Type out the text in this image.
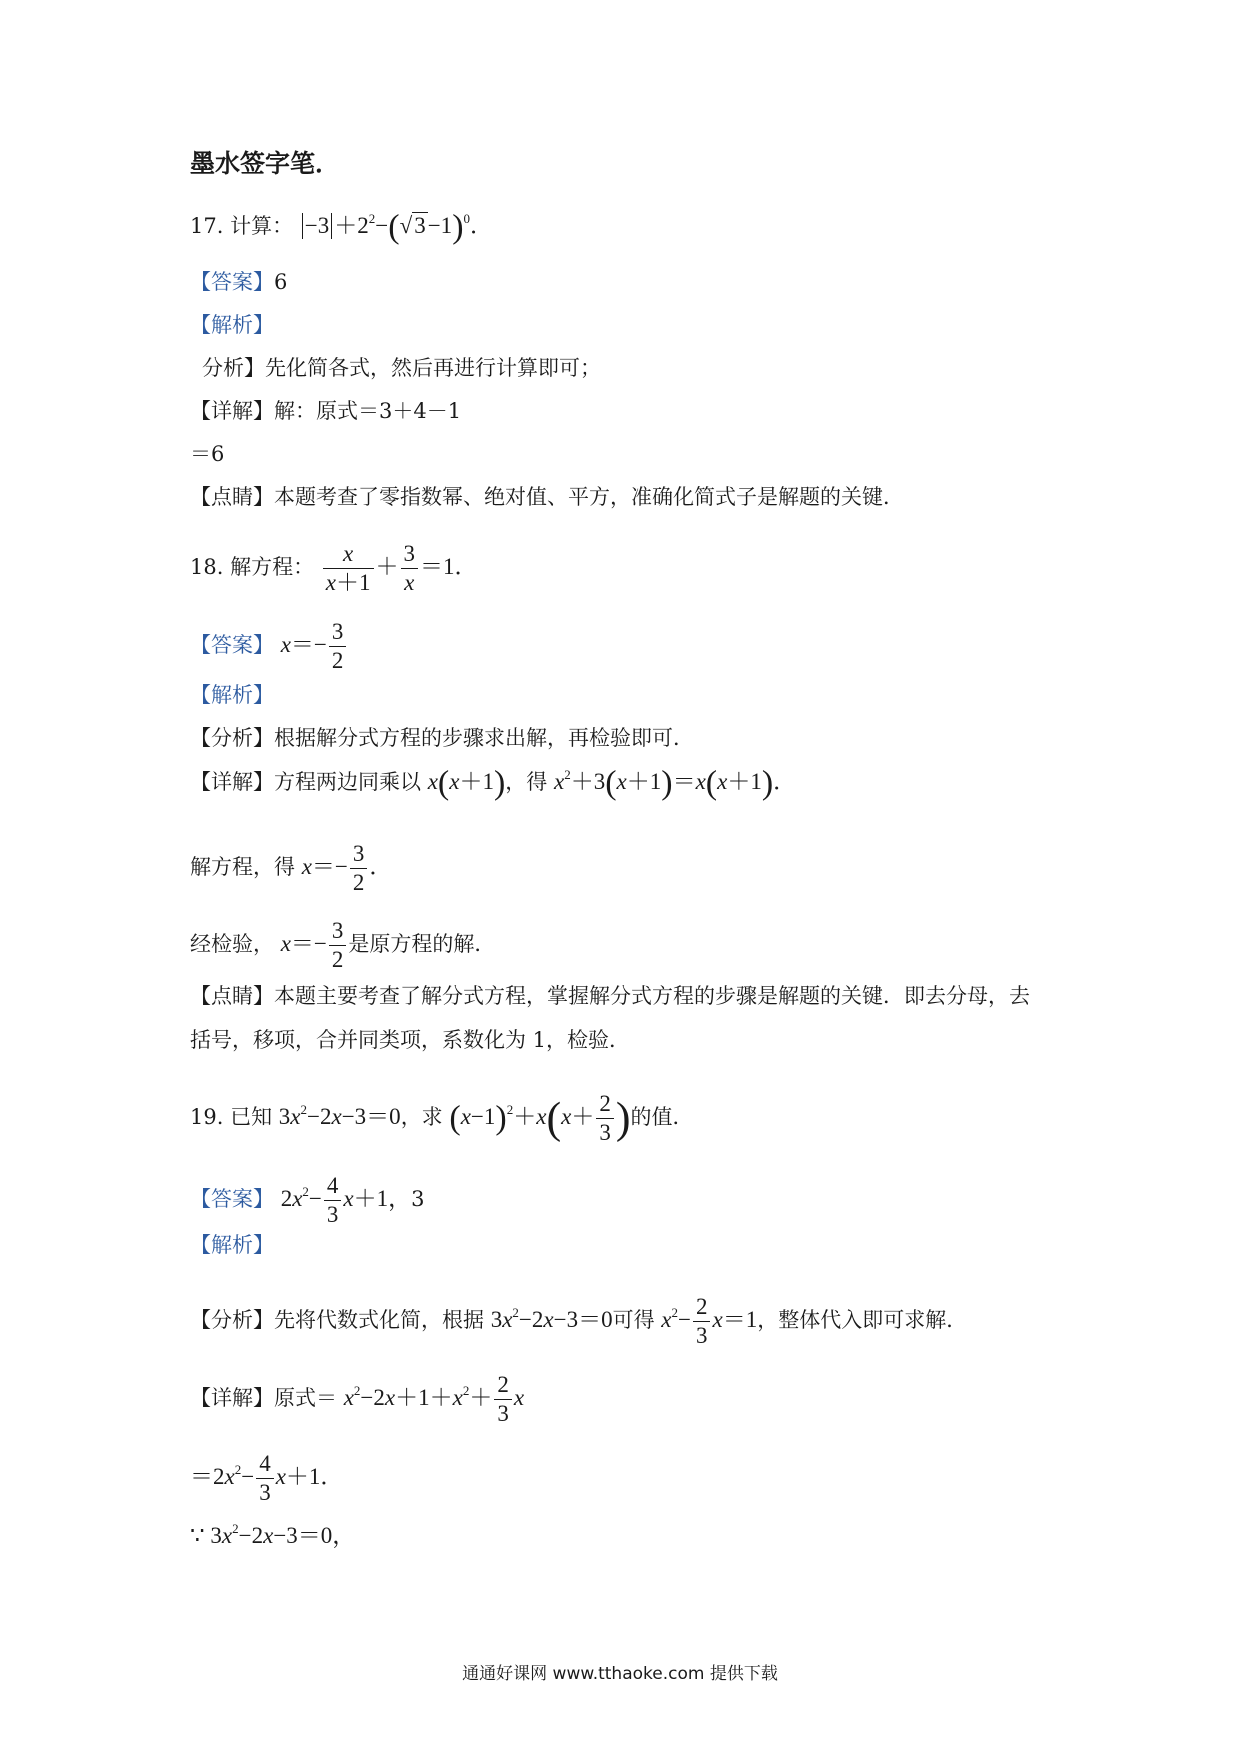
墨水签字笔．
17. 计算： $-3 +2^2-(√3-1)^0$．
【答案】6
【解析】
分析】先化简各式，然后再进行计算即可；
【详解】解：原式＝3＋4－1
＝6
【点睛】本题考查了零指数幂、绝对值、平方，准确化简式子是解题的关键．
18. 解方程： $\frac{x}{x+1} + \frac{3}{x} =1$．
【答案】 $x=- \frac{3}{2}$
【解析】
【分析】根据解分式方程的步骤求出解，再检验即可．
【详解】方程两边同乘以 x(x＋1)，得 $x^2+3(x+1)=x(x+1)$．
解方程，得 $x=- \frac{3}{2}$ ．
经检验， $x=- \frac{3}{2}$ 是原方程的解．
【点睛】本题主要考查了解分式方程，掌握解分式方程的步骤是解题的关键．即去分母，去
括号，移项，合并同类项，系数化为 1，检验．
19. 已知 $3x^2-2x-3=0$，求 $(x-1)^2+x(x+ \frac{2}{3}$ )的值．
【答案】 $2x^2- \frac{4}{3} x+1$，3
【解析】
【分析】先将代数式化简，根据 $3x^2-2x-3=0$可得 $x^2- \frac{2}{3} x=1$，整体代入即可求解．
【详解】原式＝ $x^2-2x+1+x^2+ \frac{2}{3}$ x
$=2x^2- \frac{4}{3} x+1$．
∵ $3x^2-2x-3=0$，
通通好课网 www.tthaoke.com 提供下载
